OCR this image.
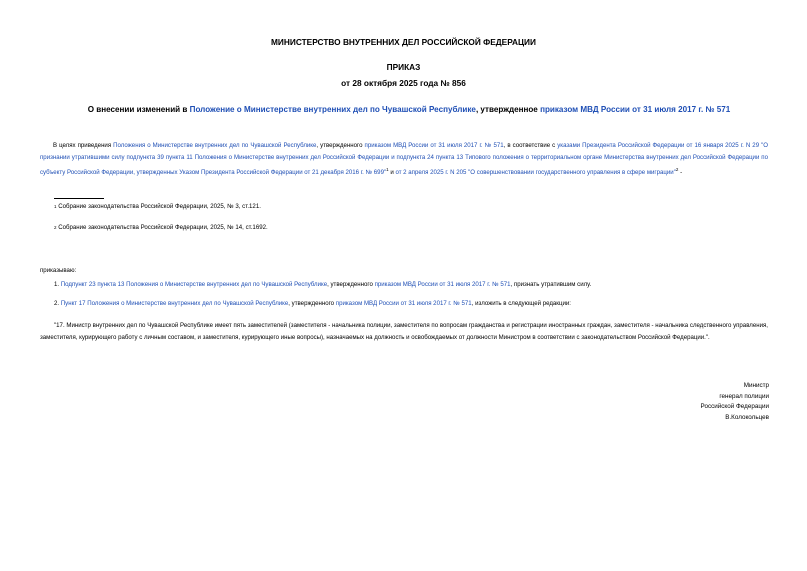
МИНИСТЕРСТВО ВНУТРЕННИХ ДЕЛ РОССИЙСКОЙ ФЕДЕРАЦИИ
ПРИКАЗ
от 28 октября 2025 года № 856
О внесении изменений в Положение о Министерстве внутренних дел по Чувашской Республике, утвержденное приказом МВД России от 31 июля 2017 г. № 571
В целях приведения Положения о Министерстве внутренних дел по Чувашской Республике, утвержденного приказом МВД России от 31 июля 2017 г. № 571, в соответствие с указами Президента Российской Федерации от 16 января 2025 г. N 29 "О признании утратившими силу подпункта 39 пункта 11 Положения о Министерстве внутренних дел Российской Федерации и подпункта 24 пункта 13 Типового положения о территориальном органе Министерства внутренних дел Российской Федерации по субъекту Российской Федерации, утвержденных Указом Президента Российской Федерации от 21 декабря 2016 г. № 699"$^1$ и от 2 апреля 2025 г. N 205 "О совершенствовании государственного управления в сфере миграции"$^2$ -
$^1$ Собрание законодательства Российской Федерации, 2025, № 3, ст.121.
$^2$ Собрание законодательства Российской Федерации, 2025, № 14, ст.1692.
приказываю:
1. Подпункт 23 пункта 13 Положения о Министерстве внутренних дел по Чувашской Республике, утвержденного приказом МВД России от 31 июля 2017 г. № 571, признать утратившим силу.
2. Пункт 17 Положения о Министерстве внутренних дел по Чувашской Республике, утвержденного приказом МВД России от 31 июля 2017 г. № 571, изложить в следующей редакции:
"17. Министр внутренних дел по Чувашской Республике имеет пять заместителей (заместителя - начальника полиции, заместителя по вопросам гражданства и регистрации иностранных граждан, заместителя - начальника следственного управления, заместителя, курирующего работу с личным составом, и заместителя, курирующего иные вопросы), назначаемых на должность и освобождаемых от должности Министром в соответствии с законодательством Российской Федерации.".
Министр
генерал полиции
Российской Федерации
В.Колокольцев
